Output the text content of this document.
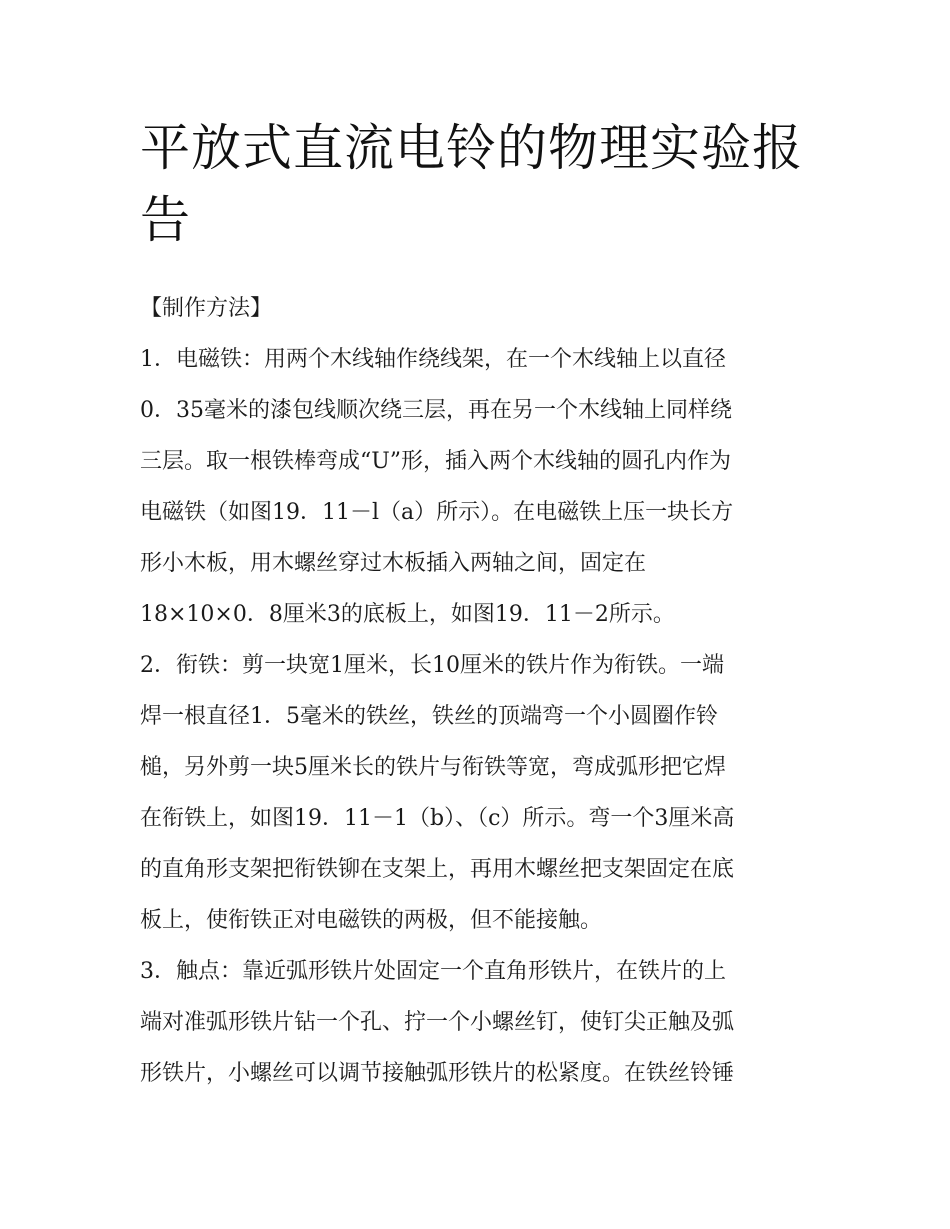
平放式直流电铃的物理实验报
告
【制作方法】

1．电磁铁：用两个木线轴作绕线架，在一个木线轴上以直径
0．35毫米的漆包线顺次绕三层，再在另一个木线轴上同样绕
三层。取一根铁棒弯成“U”形，插入两个木线轴的圆孔内作为
电磁铁（如图19．11－l（a）所示）。在电磁铁上压一块长方
形小木板，用木螺丝穿过木板插入两轴之间，固定在
18×10×0．8厘米3的底板上，如图19．11－2所示。

2．衔铁：剪一块宽1厘米，长10厘米的铁片作为衔铁。一端
焊一根直径1．5毫米的铁丝，铁丝的顶端弯一个小圆圈作铃
槌，另外剪一块5厘米长的铁片与衔铁等宽，弯成弧形把它焊
在衔铁上，如图19．11－1（b）、（c）所示。弯一个3厘米高
的直角形支架把衔铁铆在支架上，再用木螺丝把支架固定在底
板上，使衔铁正对电磁铁的两极，但不能接触。

3．触点：靠近弧形铁片处固定一个直角形铁片，在铁片的上
端对准弧形铁片钻一个孔、拧一个小螺丝钉，使钉尖正触及弧
形铁片，小螺丝可以调节接触弧形铁片的松紧度。在铁丝铃锤
